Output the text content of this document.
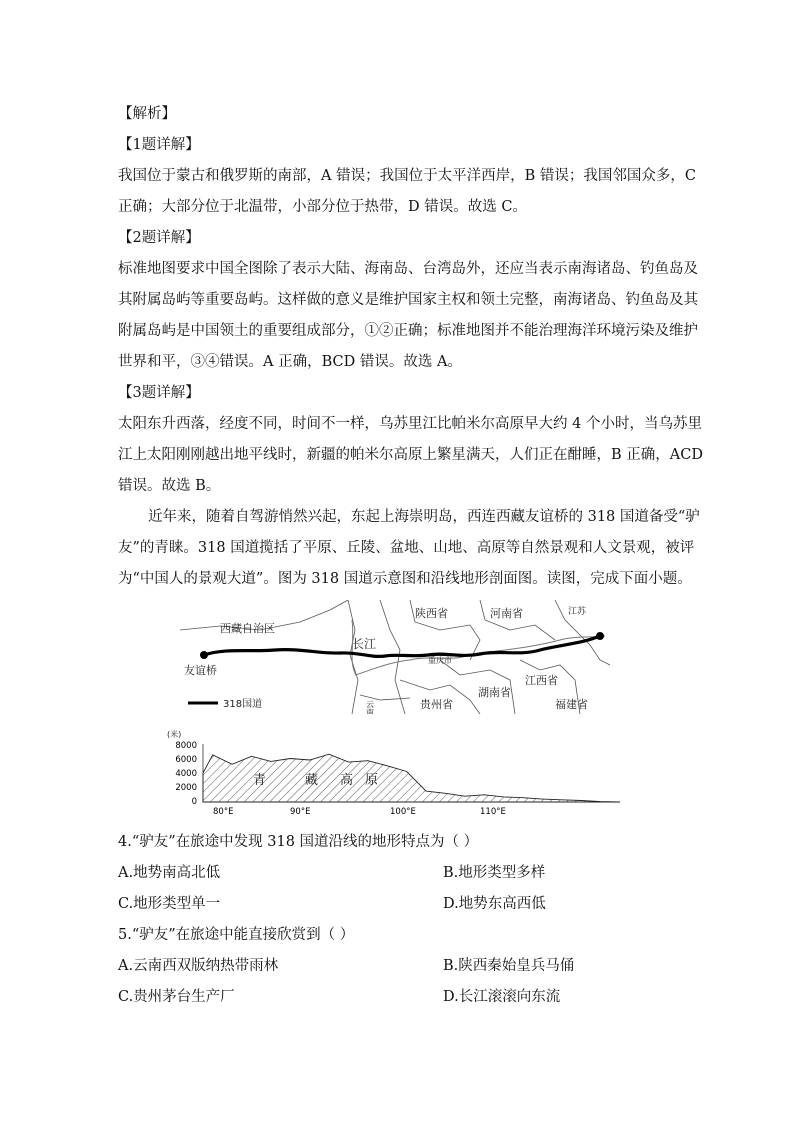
【解析】
【1题详解】
我国位于蒙古和俄罗斯的南部，A 错误；我国位于太平洋西岸，B 错误；我国邻国众多，C
正确；大部分位于北温带，小部分位于热带，D 错误。故选 C。
【2题详解】
标准地图要求中国全图除了表示大陆、海南岛、台湾岛外，还应当表示南海诸岛、钓鱼岛及
其附属岛屿等重要岛屿。这样做的意义是维护国家主权和领土完整，南海诸岛、钓鱼岛及其
附属岛屿是中国领土的重要组成部分，①②正确；标准地图并不能治理海洋环境污染及维护
世界和平，③④错误。A 正确，BCD 错误。故选 A。
【3题详解】
太阳东升西落，经度不同，时间不一样，乌苏里江比帕米尔高原早大约 4 个小时，当乌苏里
江上太阳刚刚越出地平线时，新疆的帕米尔高原上繁星满天，人们正在酣睡，B 正确，ACD
错误。故选 B。
近年来，随着自驾游悄然兴起，东起上海崇明岛，西连西藏友谊桥的 318 国道备受“驴
友”的青睐。318 国道揽括了平原、丘陵、盆地、山地、高原等自然景观和人文景观，被评
为“中国人的景观大道”。图为 318 国道示意图和沿线地形剖面图。读图，完成下面小题。
西藏自治区
陕西省	河南省	江苏
长江
重庆市
湖南省
江西省
贵州省
云南省	福建省
友谊桥
318国道
(米)
8000
6000
4000
2000
0
青	藏 高 原
80°E	90°E	100°E	110°E
4.“驴友”在旅途中发现 318 国道沿线的地形特点为（ ）
A.地势南高北低	B.地形类型多样
C.地形类型单一	D.地势东高西低
5.“驴友”在旅途中能直接欣赏到（ ）
A.云南西双版纳热带雨林	B.陕西秦始皇兵马俑
C.贵州茅台生产厂	D.长江滚滚向东流
